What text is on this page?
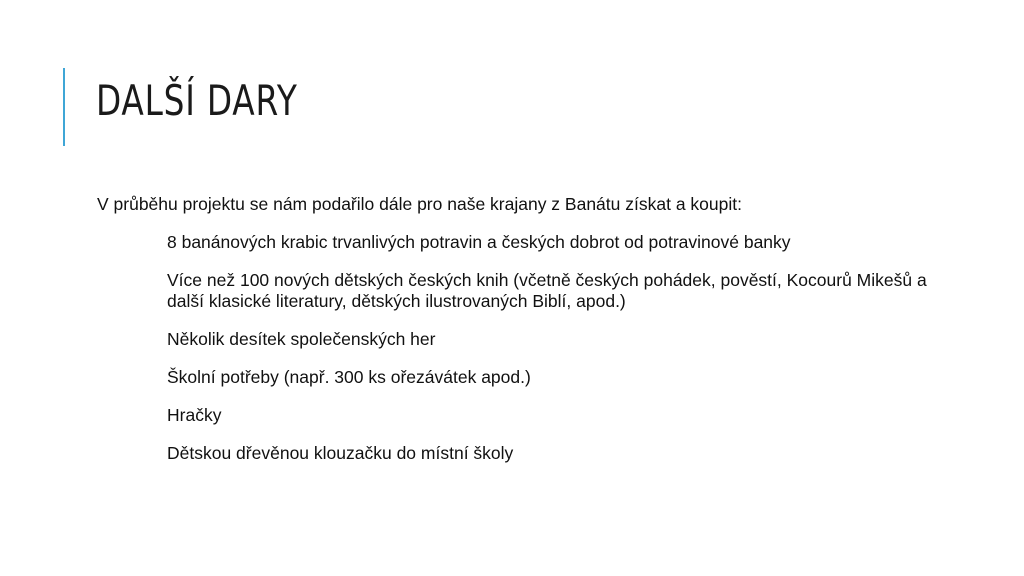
DALŠÍ DARY

V průběhu projektu se nám podařilo dále pro naše krajany z Banátu získat a koupit:

8 banánových krabic trvanlivých potravin a českých dobrot od potravinové banky
Více než 100 nových dětských českých knih (včetně českých pohádek, pověstí, Kocourů Mikešů a další klasické literatury, dětských ilustrovaných Biblí, apod.)
Několik desítek společenských her
Školní potřeby (např. 300 ks ořezávátek apod.)
Hračky
Dětskou dřevěnou klouzačku do místní školy
